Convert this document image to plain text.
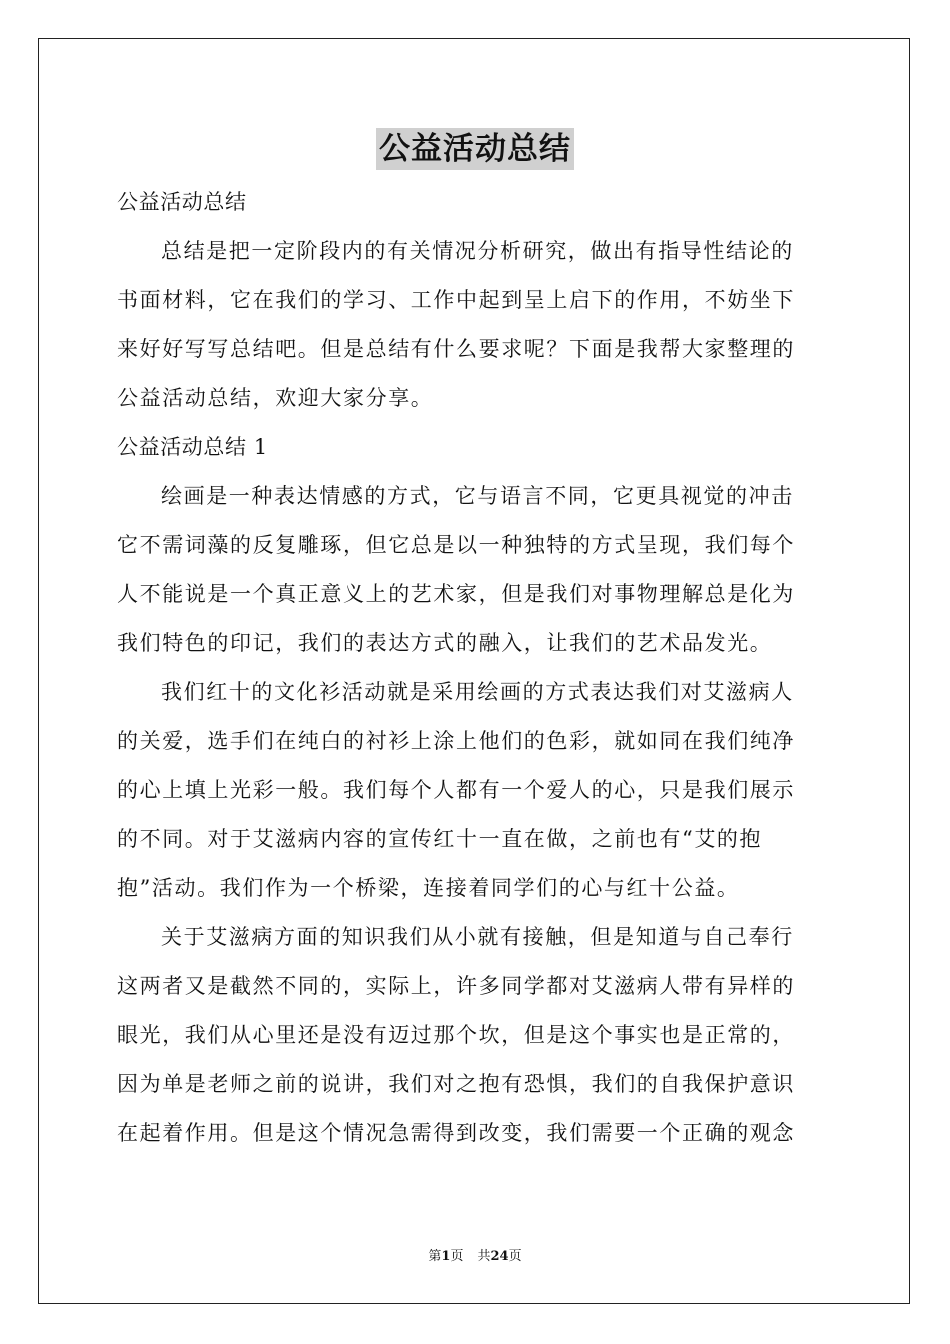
公益活动总结
公益活动总结
总结是把一定阶段内的有关情况分析研究，做出有指导性结论的
书面材料，它在我们的学习、工作中起到呈上启下的作用，不妨坐下
来好好写写总结吧。但是总结有什么要求呢？下面是我帮大家整理的
公益活动总结，欢迎大家分享。
公益活动总结 1
绘画是一种表达情感的方式，它与语言不同，它更具视觉的冲击
它不需词藻的反复雕琢，但它总是以一种独特的方式呈现，我们每个
人不能说是一个真正意义上的艺术家，但是我们对事物理解总是化为
我们特色的印记，我们的表达方式的融入，让我们的艺术品发光。
我们红十的文化衫活动就是采用绘画的方式表达我们对艾滋病人
的关爱，选手们在纯白的衬衫上涂上他们的色彩，就如同在我们纯净
的心上填上光彩一般。我们每个人都有一个爱人的心，只是我们展示
的不同。对于艾滋病内容的宣传红十一直在做，之前也有“艾的抱
抱”活动。我们作为一个桥梁，连接着同学们的心与红十公益。
关于艾滋病方面的知识我们从小就有接触，但是知道与自己奉行
这两者又是截然不同的，实际上，许多同学都对艾滋病人带有异样的
眼光，我们从心里还是没有迈过那个坎，但是这个事实也是正常的，
因为单是老师之前的说讲，我们对之抱有恐惧，我们的自我保护意识
在起着作用。但是这个情况急需得到改变，我们需要一个正确的观念
第1页 共24页
